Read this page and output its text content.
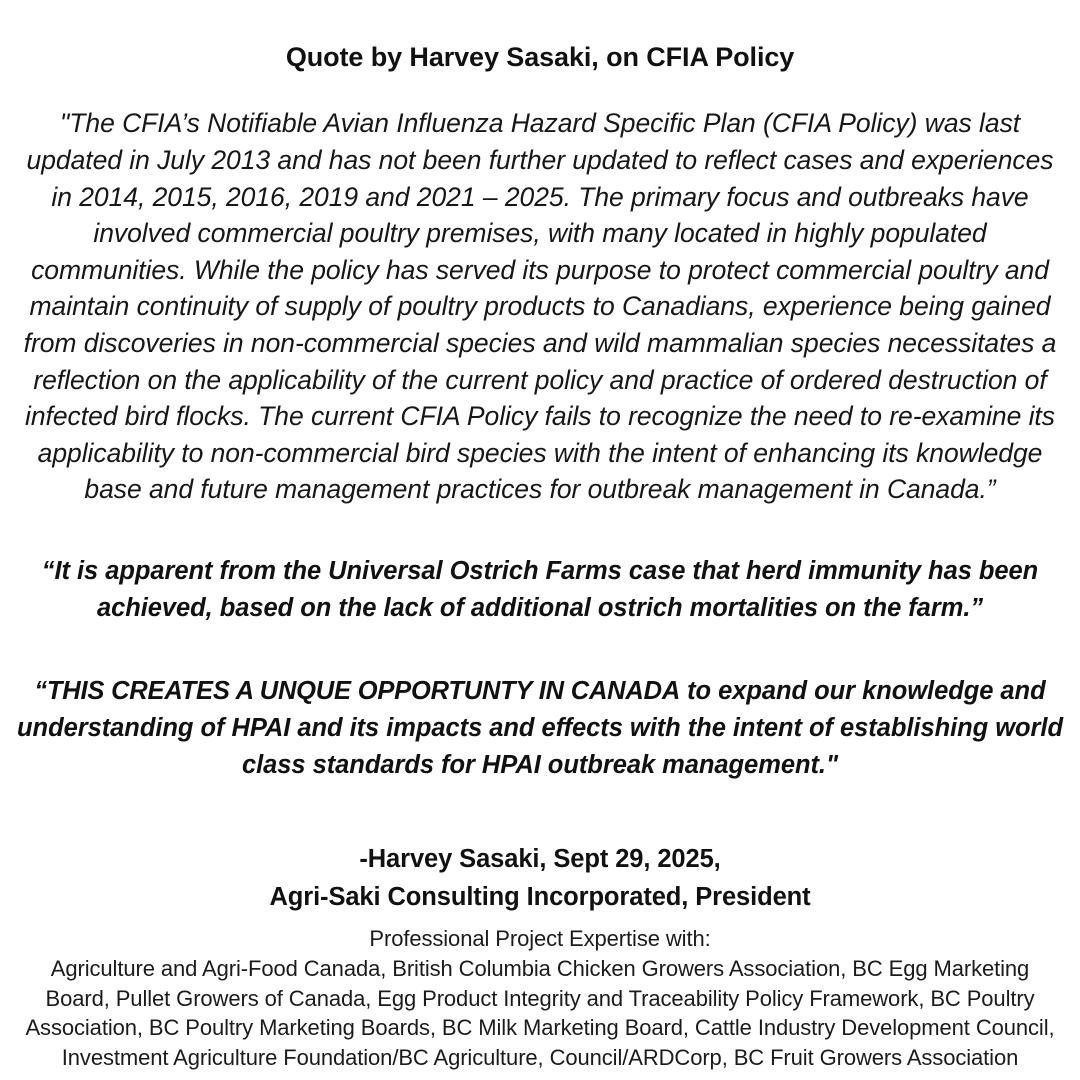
Quote by Harvey Sasaki, on CFIA Policy

"The CFIA’s Notifiable Avian Influenza Hazard Specific Plan (CFIA Policy) was last updated in July 2013 and has not been further updated to reflect cases and experiences in 2014, 2015, 2016, 2019 and 2021 – 2025. The primary focus and outbreaks have involved commercial poultry premises, with many located in highly populated communities. While the policy has served its purpose to protect commercial poultry and maintain continuity of supply of poultry products to Canadians, experience being gained from discoveries in non-commercial species and wild mammalian species necessitates a reflection on the applicability of the current policy and practice of ordered destruction of infected bird flocks. The current CFIA Policy fails to recognize the need to re-examine its applicability to non-commercial bird species with the intent of enhancing its knowledge base and future management practices for outbreak management in Canada.”

“It is apparent from the Universal Ostrich Farms case that herd immunity has been achieved, based on the lack of additional ostrich mortalities on the farm.”

“THIS CREATES A UNQUE OPPORTUNTY IN CANADA to expand our knowledge and understanding of HPAI and its impacts and effects with the intent of establishing world class standards for HPAI outbreak management."

-Harvey Sasaki, Sept 29, 2025,
Agri-Saki Consulting Incorporated, President
Professional Project Expertise with:
Agriculture and Agri-Food Canada, British Columbia Chicken Growers Association, BC Egg Marketing Board, Pullet Growers of Canada, Egg Product Integrity and Traceability Policy Framework, BC Poultry Association, BC Poultry Marketing Boards, BC Milk Marketing Board, Cattle Industry Development Council, Investment Agriculture Foundation/BC Agriculture, Council/ARDCorp, BC Fruit Growers Association
